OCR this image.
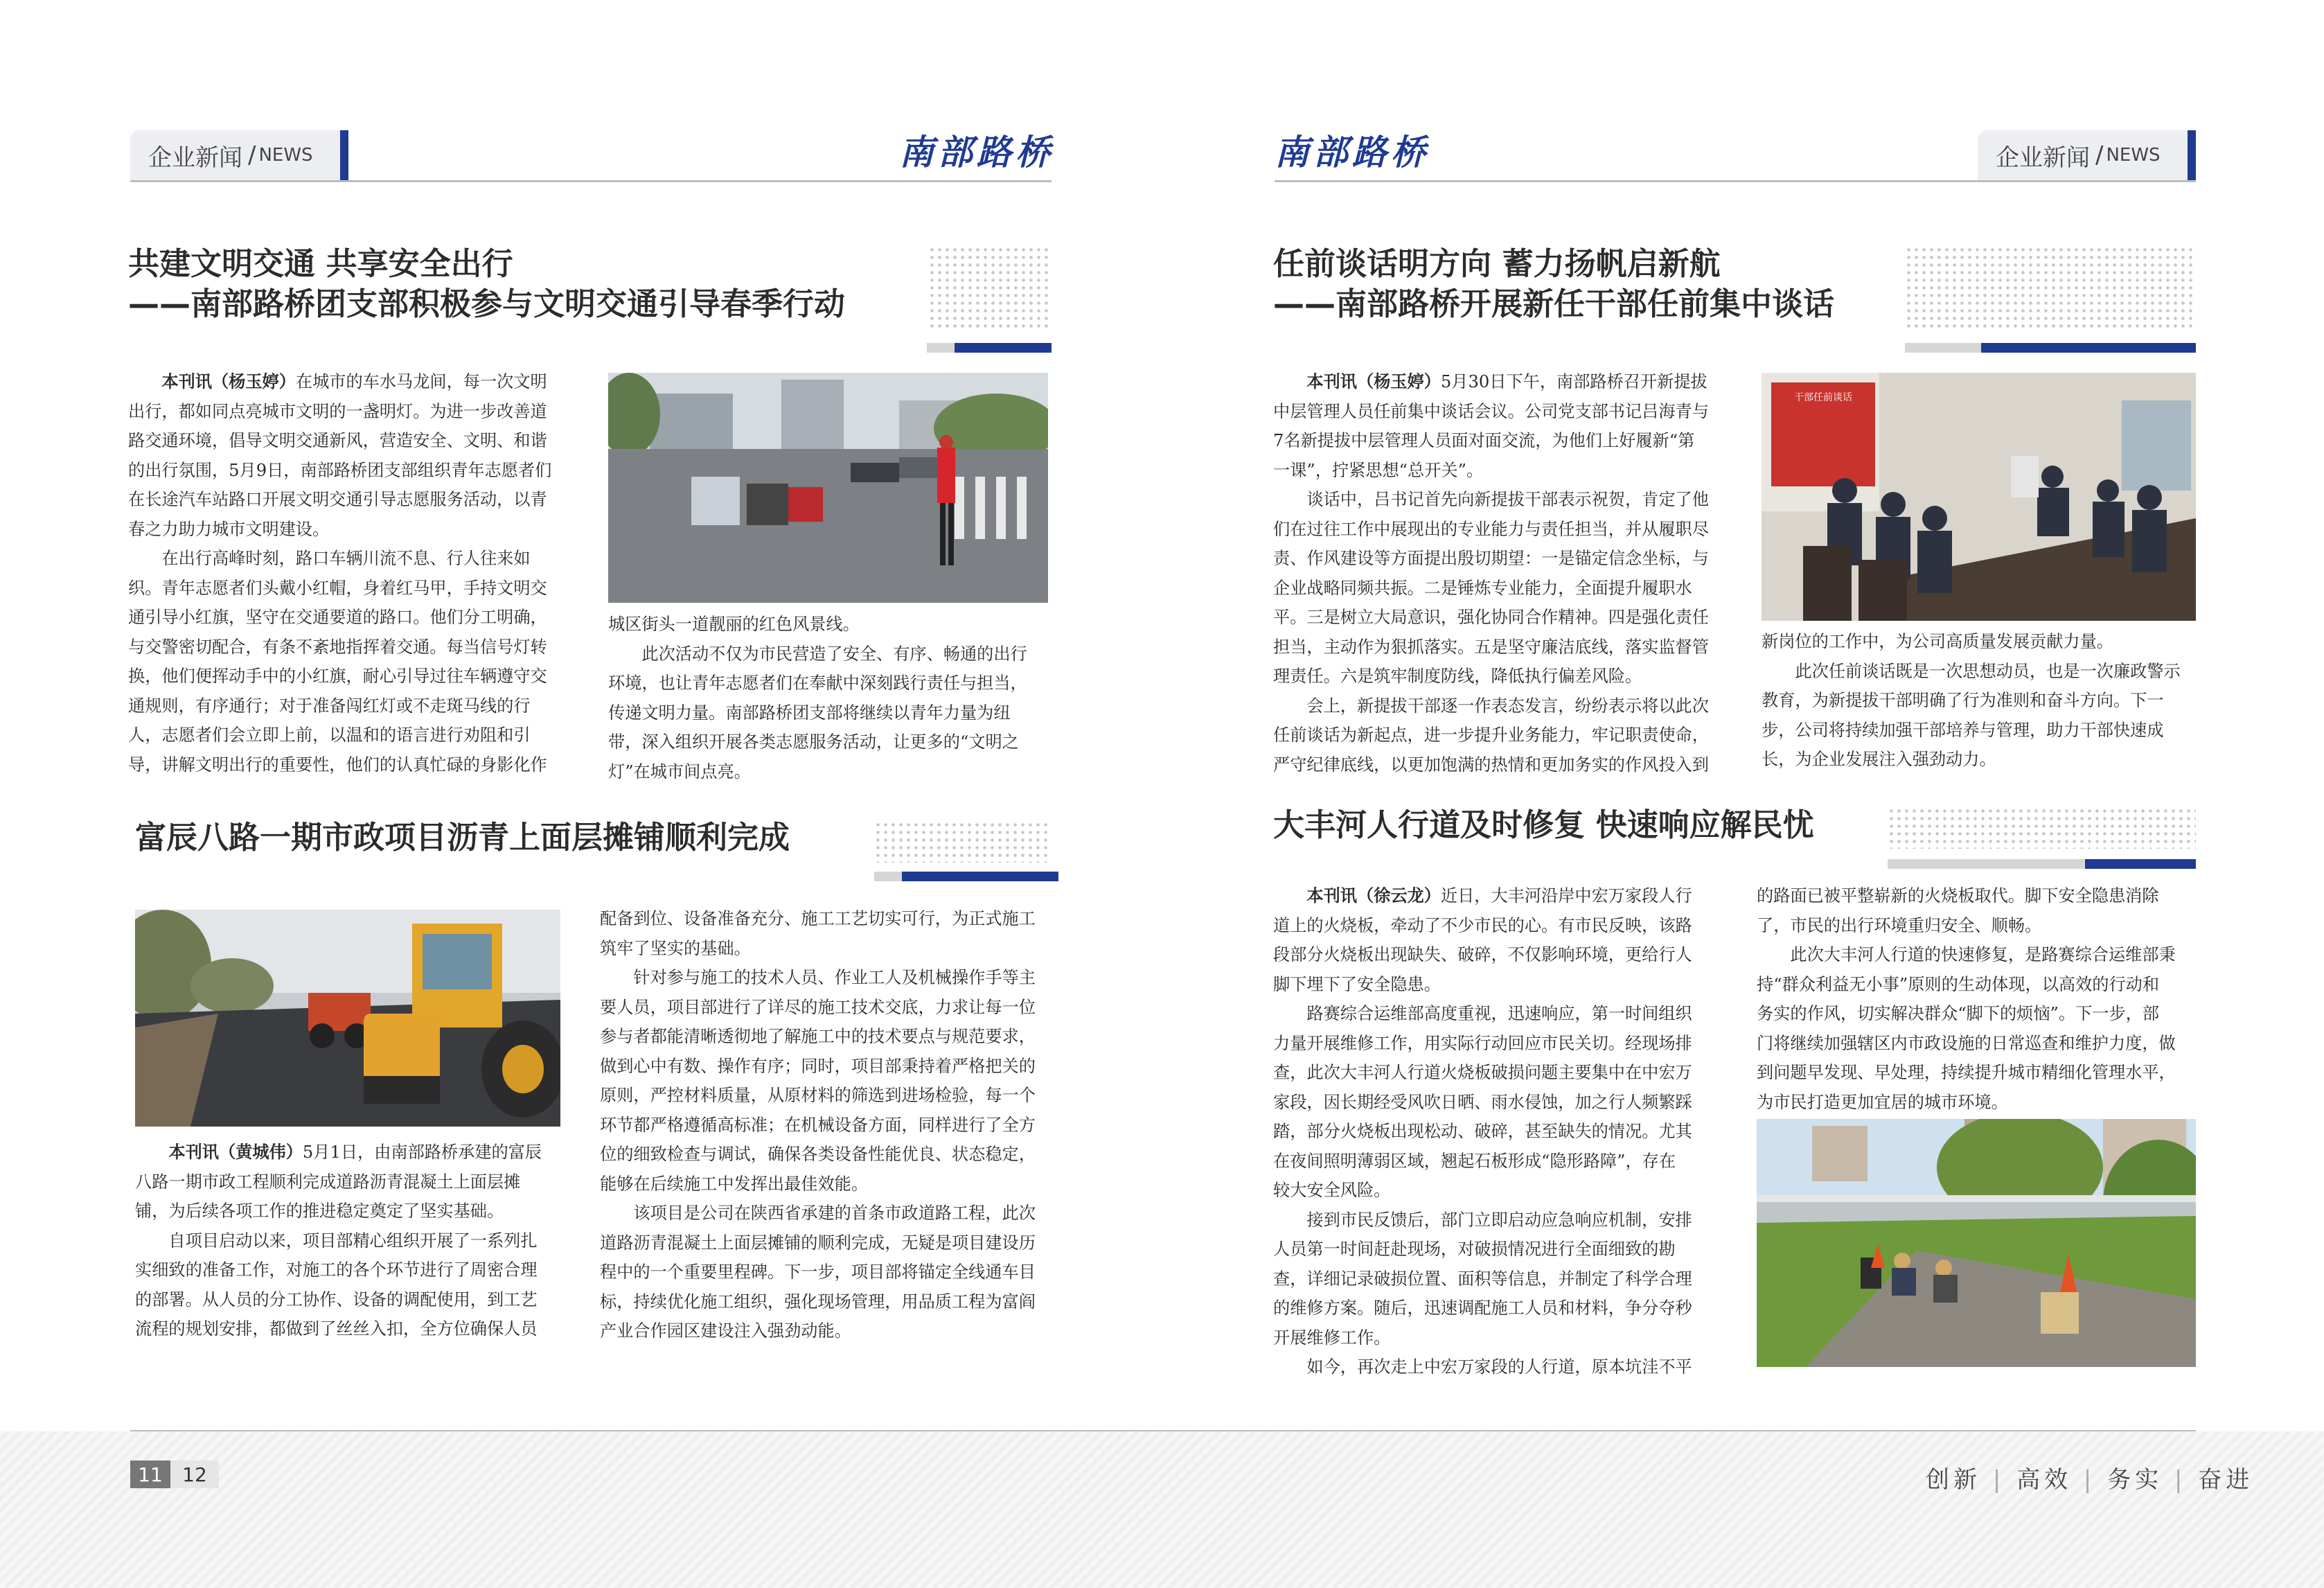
企业新闻 / NEWS	南部路桥	南部路桥	企业新闻 / NEWS
共建文明交通 共享安全出行
——南部路桥团支部积极参与文明交通引导春季行动

　　本刊讯（杨玉婷）在城市的车水马龙间，每一次文明

出行，都如同点亮城市文明的一盏明灯。为进一步改善道

路交通环境，倡导文明交通新风，营造安全、文明、和谐

的出行氛围，5月9日，南部路桥团支部组织青年志愿者们

在长途汽车站路口开展文明交通引导志愿服务活动，以青

春之力助力城市文明建设。

　　在出行高峰时刻，路口车辆川流不息、行人往来如

织。青年志愿者们头戴小红帽，身着红马甲，手持文明交

通引导小红旗，坚守在交通要道的路口。他们分工明确，

与交警密切配合，有条不紊地指挥着交通。每当信号灯转

换，他们便挥动手中的小红旗，耐心引导过往车辆遵守交

通规则，有序通行；对于准备闯红灯或不走斑马线的行

人，志愿者们会立即上前，以温和的语言进行劝阻和引

导，讲解文明出行的重要性，他们的认真忙碌的身影化作

城区街头一道靓丽的红色风景线。

　　此次活动不仅为市民营造了安全、有序、畅通的出行

环境，也让青年志愿者们在奉献中深刻践行责任与担当，

传递文明力量。南部路桥团支部将继续以青年力量为纽

带，深入组织开展各类志愿服务活动，让更多的“文明之

灯”在城市间点亮。

富辰八路一期市政项目沥青上面层摊铺顺利完成

　　本刊讯（黄城伟）5月1日，由南部路桥承建的富辰

八路一期市政工程顺利完成道路沥青混凝土上面层摊

铺，为后续各项工作的推进稳定奠定了坚实基础。

　　自项目启动以来，项目部精心组织开展了一系列扎

实细致的准备工作，对施工的各个环节进行了周密合理

的部署。从人员的分工协作、设备的调配使用，到工艺

流程的规划安排，都做到了丝丝入扣，全方位确保人员

配备到位、设备准备充分、施工工艺切实可行，为正式施工

筑牢了坚实的基础。

　　针对参与施工的技术人员、作业工人及机械操作手等主

要人员，项目部进行了详尽的施工技术交底，力求让每一位

参与者都能清晰透彻地了解施工中的技术要点与规范要求，

做到心中有数、操作有序；同时，项目部秉持着严格把关的

原则，严控材料质量，从原材料的筛选到进场检验，每一个

环节都严格遵循高标准；在机械设备方面，同样进行了全方

位的细致检查与调试，确保各类设备性能优良、状态稳定，

能够在后续施工中发挥出最佳效能。

　　该项目是公司在陕西省承建的首条市政道路工程，此次

道路沥青混凝土上面层摊铺的顺利完成，无疑是项目建设历

程中的一个重要里程碑。下一步，项目部将锚定全线通车目

标，持续优化施工组织，强化现场管理，用品质工程为富阎

产业合作园区建设注入强劲动能。

任前谈话明方向 蓄力扬帆启新航
——南部路桥开展新任干部任前集中谈话

　　本刊讯（杨玉婷）5月30日下午，南部路桥召开新提拔

中层管理人员任前集中谈话会议。公司党支部书记吕海青与

7名新提拔中层管理人员面对面交流，为他们上好履新“第

一课”，拧紧思想“总开关”。

　　谈话中，吕书记首先向新提拔干部表示祝贺，肯定了他

们在过往工作中展现出的专业能力与责任担当，并从履职尽

责、作风建设等方面提出殷切期望：一是锚定信念坐标，与

企业战略同频共振。二是锤炼专业能力，全面提升履职水

平。三是树立大局意识，强化协同合作精神。四是强化责任

担当，主动作为狠抓落实。五是坚守廉洁底线，落实监督管

理责任。六是筑牢制度防线，降低执行偏差风险。

　　会上，新提拔干部逐一作表态发言，纷纷表示将以此次

任前谈话为新起点，进一步提升业务能力，牢记职责使命，

严守纪律底线，以更加饱满的热情和更加务实的作风投入到

干部任前谈话

新岗位的工作中，为公司高质量发展贡献力量。

　　此次任前谈话既是一次思想动员，也是一次廉政警示

教育，为新提拔干部明确了行为准则和奋斗方向。下一

步，公司将持续加强干部培养与管理，助力干部快速成

长，为企业发展注入强劲动力。

大丰河人行道及时修复 快速响应解民忧

　　本刊讯（徐云龙）近日，大丰河沿岸中宏万家段人行

道上的火烧板，牵动了不少市民的心。有市民反映，该路

段部分火烧板出现缺失、破碎，不仅影响环境，更给行人

脚下埋下了安全隐患。

　　路赛综合运维部高度重视，迅速响应，第一时间组织

力量开展维修工作，用实际行动回应市民关切。经现场排

查，此次大丰河人行道火烧板破损问题主要集中在中宏万

家段，因长期经受风吹日晒、雨水侵蚀，加之行人频繁踩

踏，部分火烧板出现松动、破碎，甚至缺失的情况。尤其

在夜间照明薄弱区域，翘起石板形成“隐形路障”，存在

较大安全风险。

　　接到市民反馈后，部门立即启动应急响应机制，安排

人员第一时间赶赴现场，对破损情况进行全面细致的勘

查，详细记录破损位置、面积等信息，并制定了科学合理

的维修方案。随后，迅速调配施工人员和材料，争分夺秒

开展维修工作。

　　如今，再次走上中宏万家段的人行道，原本坑洼不平

的路面已被平整崭新的火烧板取代。脚下安全隐患消除

了，市民的出行环境重归安全、顺畅。

　　此次大丰河人行道的快速修复，是路赛综合运维部秉

持“群众利益无小事”原则的生动体现，以高效的行动和

务实的作风，切实解决群众“脚下的烦恼”。下一步，部

门将继续加强辖区内市政设施的日常巡查和维护力度，做

到问题早发现、早处理，持续提升城市精细化管理水平，

为市民打造更加宜居的城市环境。

11	12	创新 | 高效 | 务实 | 奋进
